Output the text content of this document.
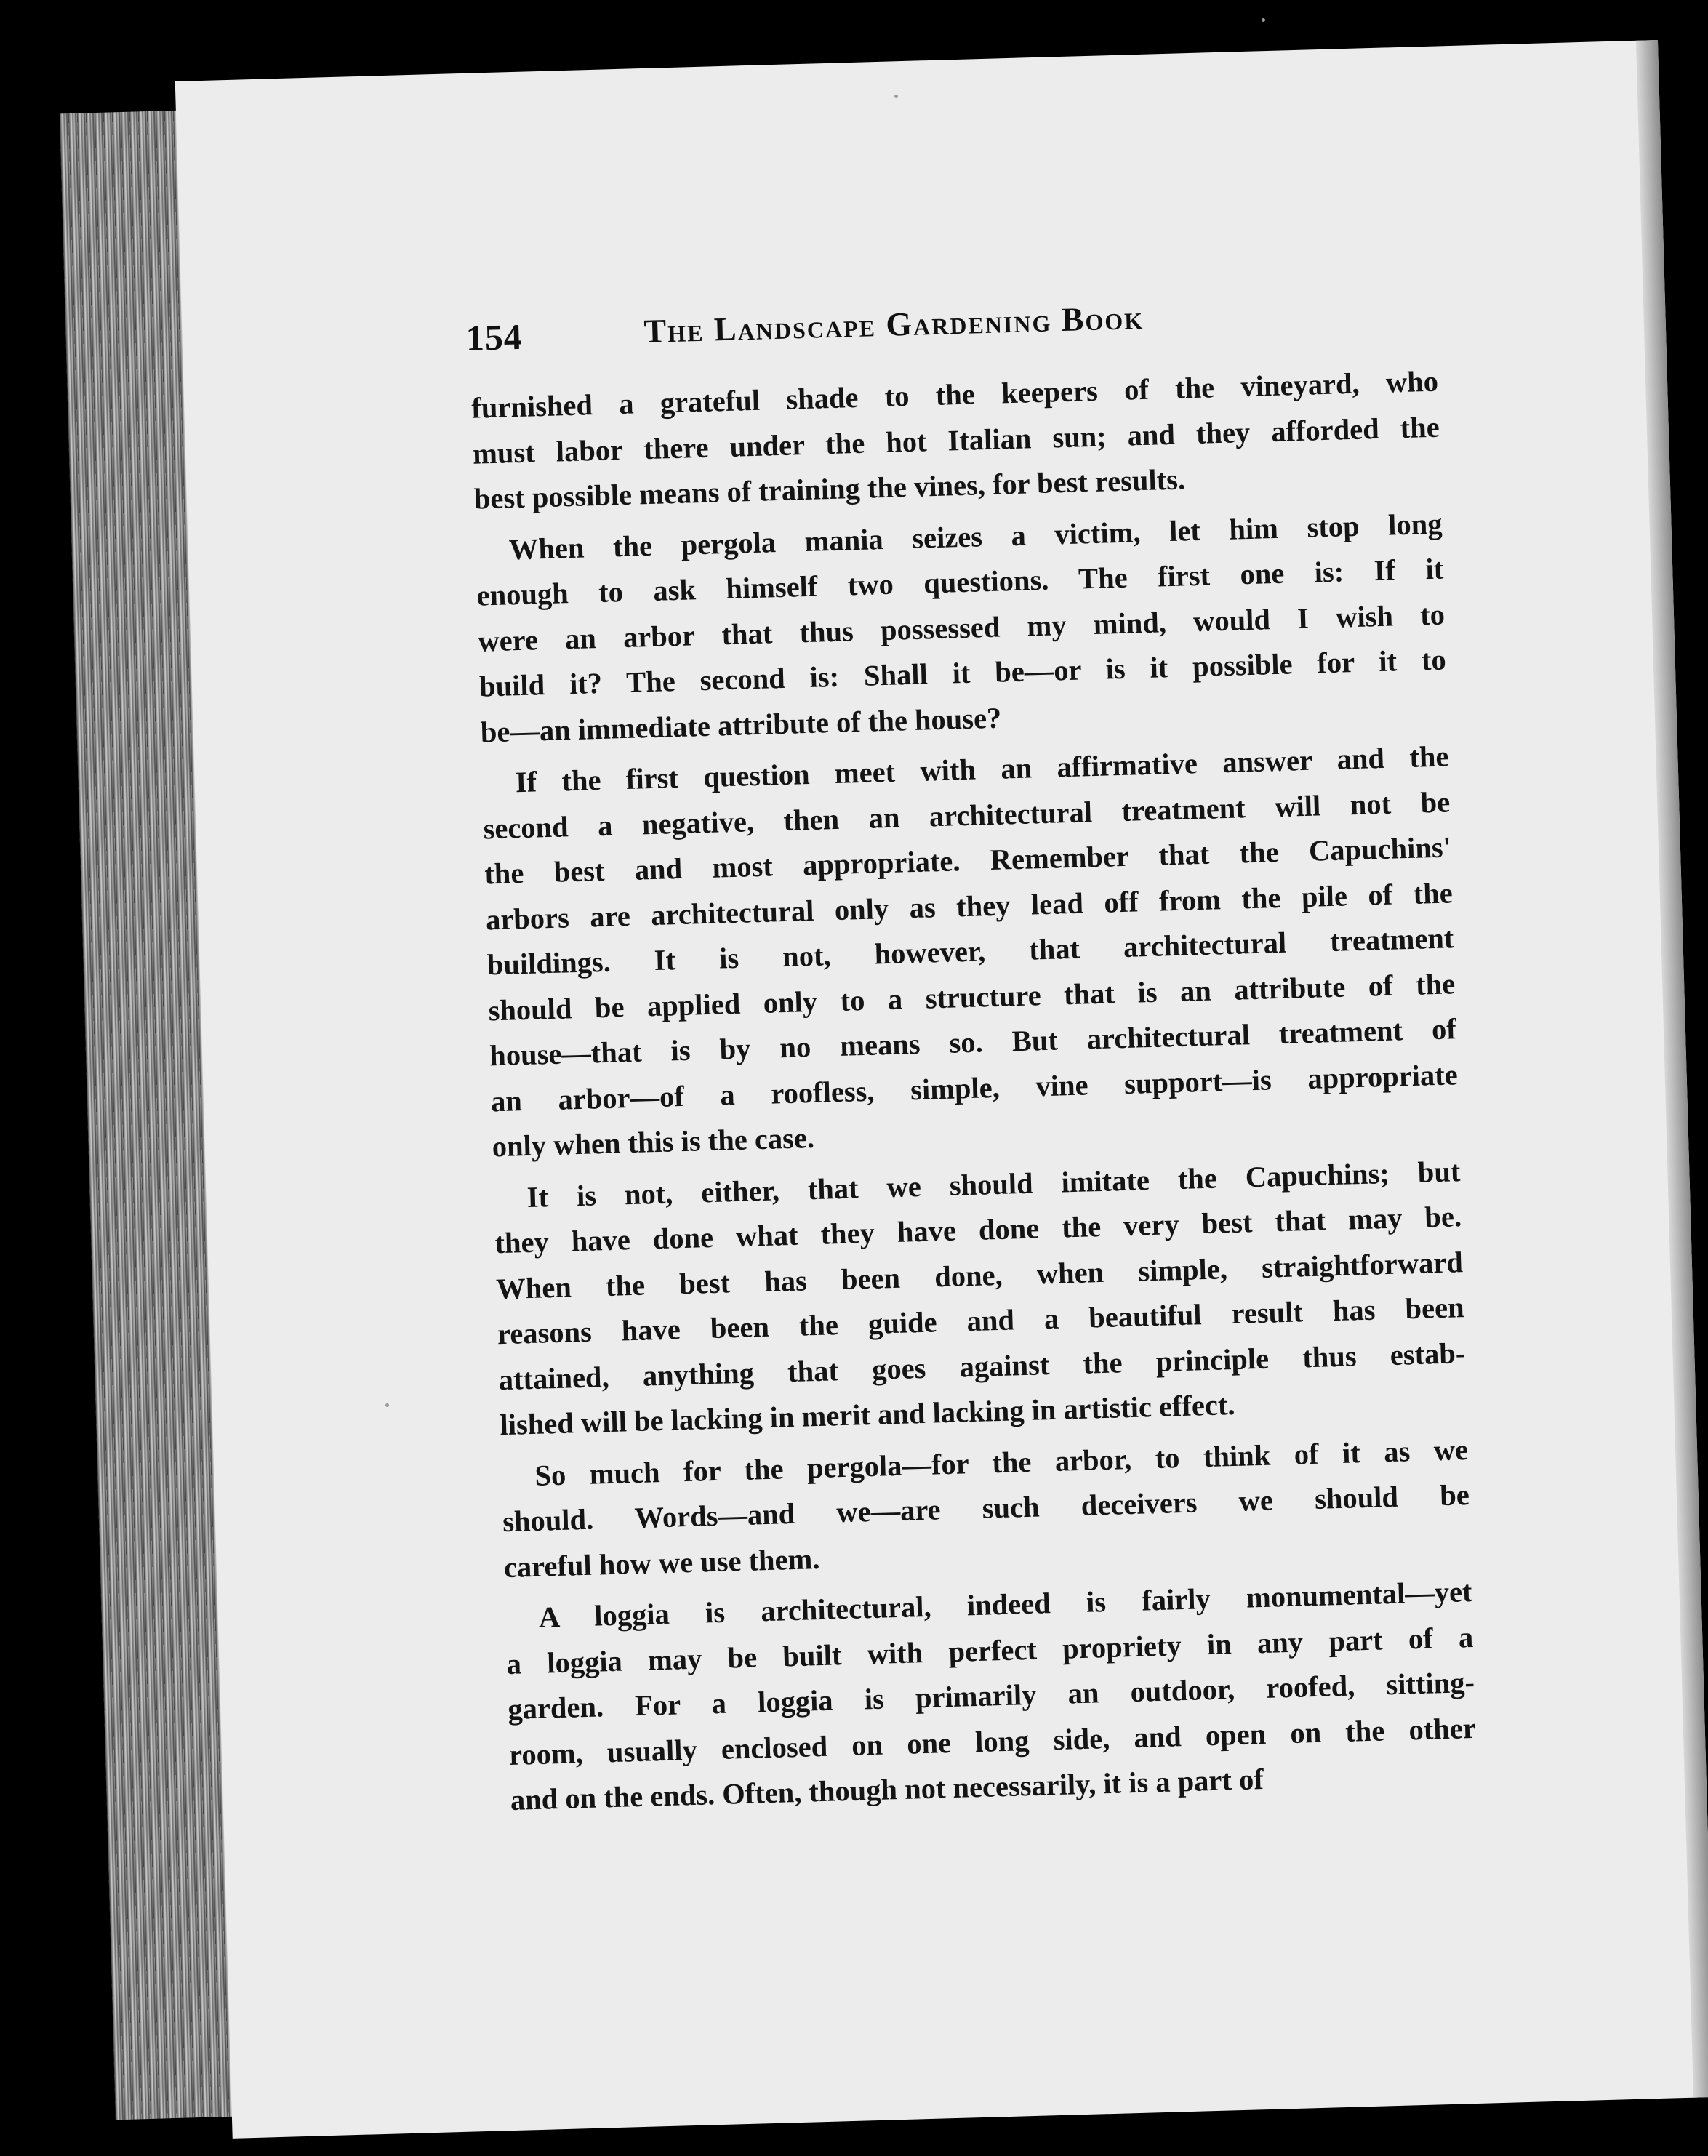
154	The Landscape Gardening Book
furnished a grateful shade to the keepers of the vineyard, who
must labor there under the hot Italian sun; and they afforded the
best possible means of training the vines, for best results.
When the pergola mania seizes a victim, let him stop long
enough to ask himself two questions. The first one is: If it
were an arbor that thus possessed my mind, would I wish to
build it? The second is: Shall it be—or is it possible for it to
be—an immediate attribute of the house?
If the first question meet with an affirmative answer and the
second a negative, then an architectural treatment will not be
the best and most appropriate. Remember that the Capuchins'
arbors are architectural only as they lead off from the pile of the
buildings. It is not, however, that architectural treatment
should be applied only to a structure that is an attribute of the
house—that is by no means so. But architectural treatment of
an arbor—of a roofless, simple, vine support—is appropriate
only when this is the case.
It is not, either, that we should imitate the Capuchins; but
they have done what they have done the very best that may be.
When the best has been done, when simple, straightforward
reasons have been the guide and a beautiful result has been
attained, anything that goes against the principle thus estab-
lished will be lacking in merit and lacking in artistic effect.
So much for the pergola—for the arbor, to think of it as we
should. Words—and we—are such deceivers we should be
careful how we use them.
A loggia is architectural, indeed is fairly monumental—yet
a loggia may be built with perfect propriety in any part of a
garden. For a loggia is primarily an outdoor, roofed, sitting-
room, usually enclosed on one long side, and open on the other
and on the ends. Often, though not necessarily, it is a part of
